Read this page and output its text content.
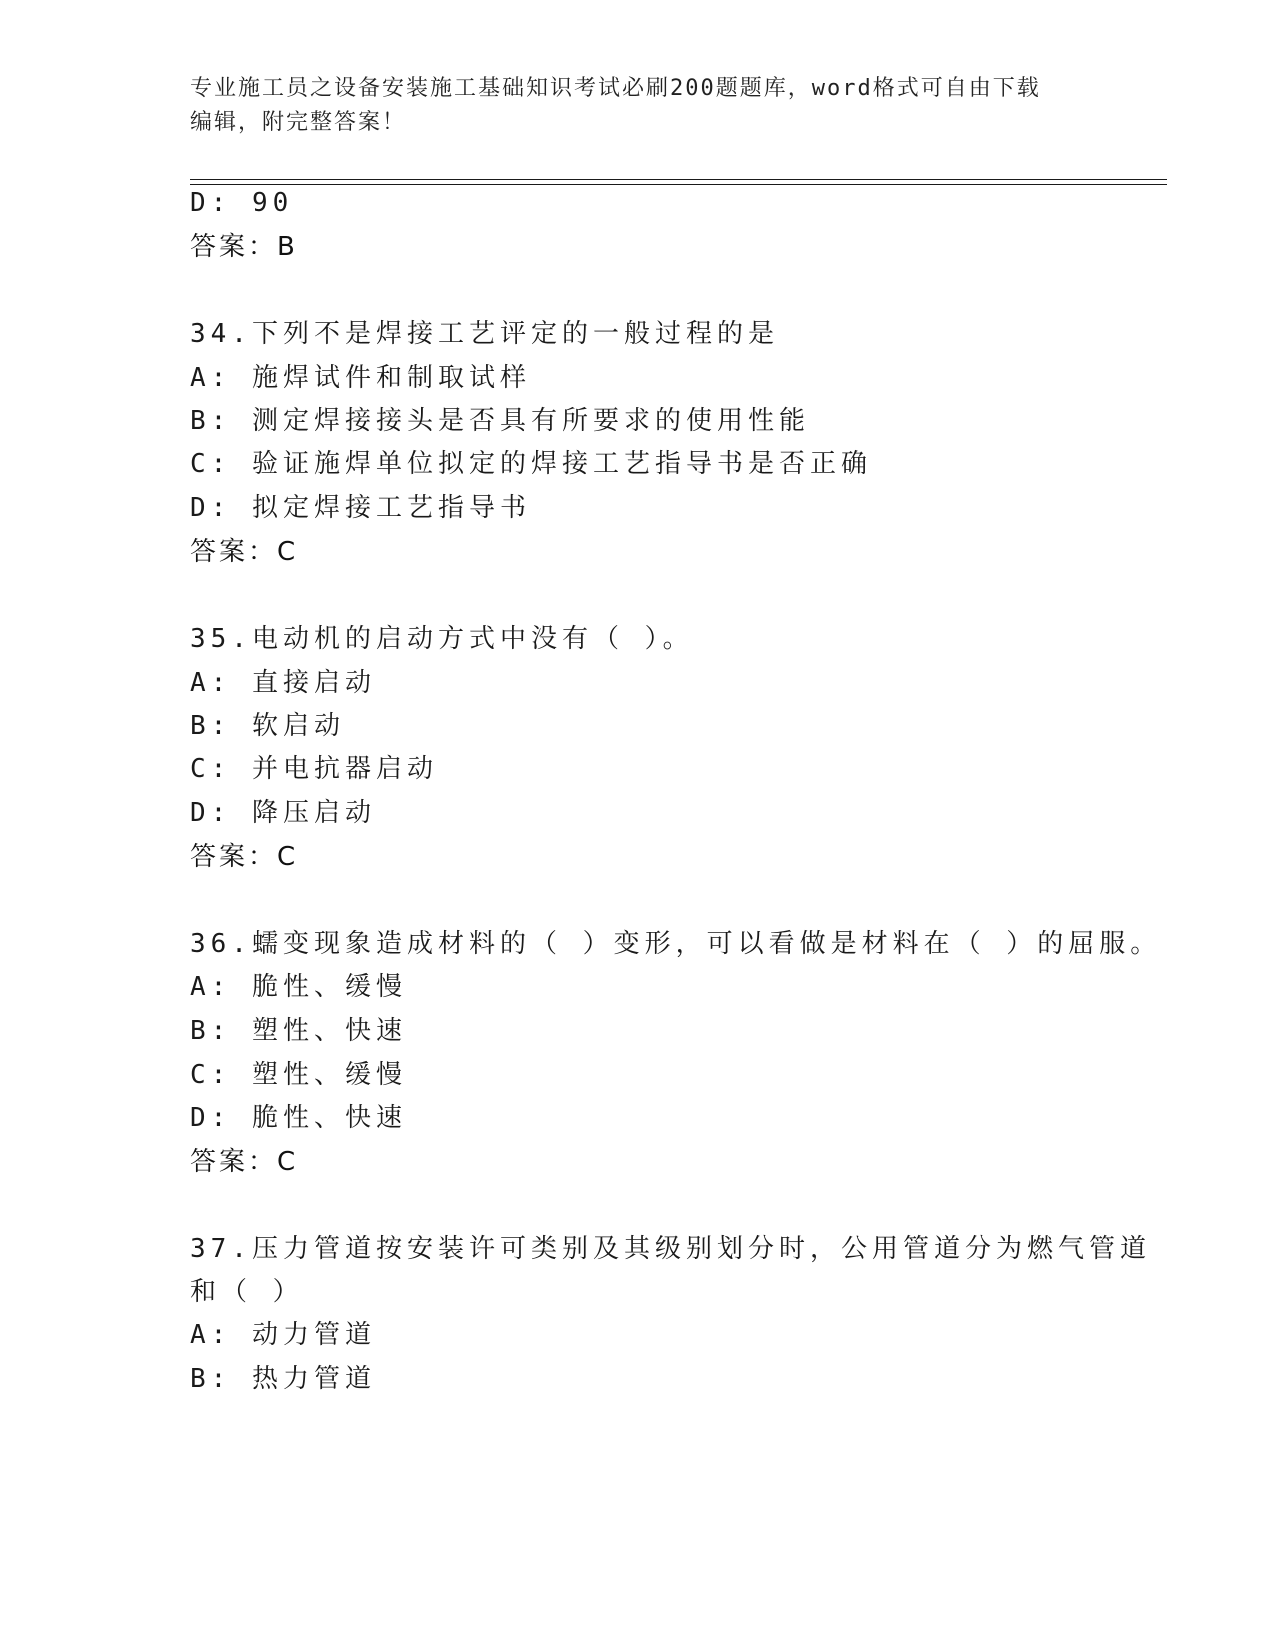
专业施工员之设备安装施工基础知识考试必刷200题题库，word格式可自由下载
编辑，附完整答案！
D: 90
答案：B
34.下列不是焊接工艺评定的一般过程的是
A: 施焊试件和制取试样
B: 测定焊接接头是否具有所要求的使用性能
C: 验证施焊单位拟定的焊接工艺指导书是否正确
D: 拟定焊接工艺指导书
答案：C
35.电动机的启动方式中没有（ ）。
A: 直接启动
B: 软启动
C: 并电抗器启动
D: 降压启动
答案：C
36.蠕变现象造成材料的（ ）变形，可以看做是材料在（ ）的屈服。
A: 脆性、缓慢
B: 塑性、快速
C: 塑性、缓慢
D: 脆性、快速
答案：C
37.压力管道按安装许可类别及其级别划分时，公用管道分为燃气管道
和（ ）
A: 动力管道
B: 热力管道
